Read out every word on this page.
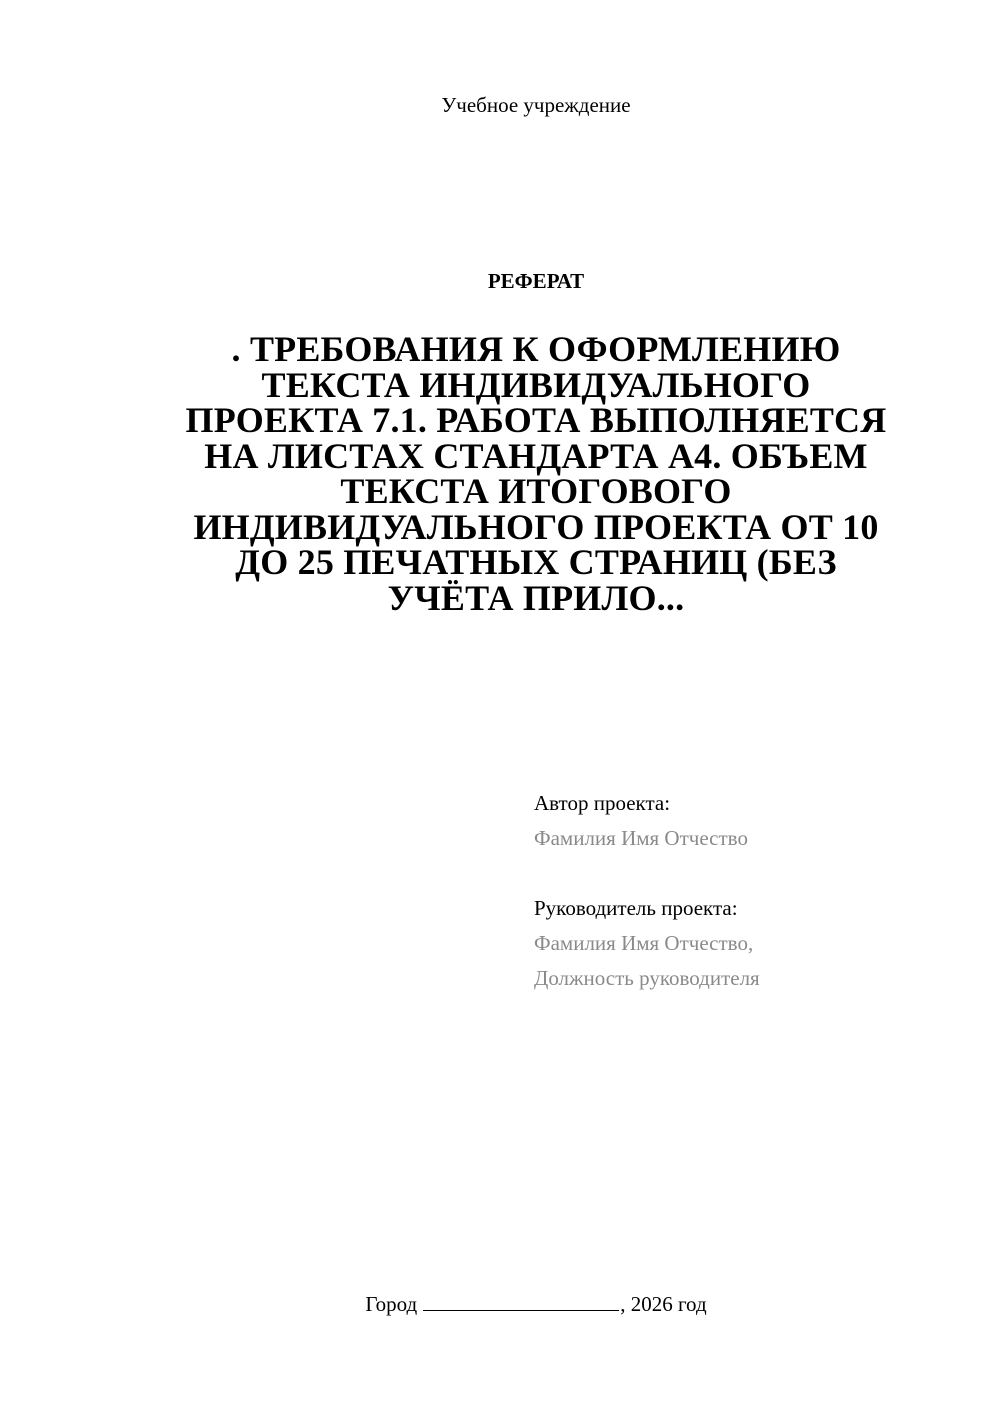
Учебное учреждение
РЕФЕРАТ
. ТРЕБОВАНИЯ К ОФОРМЛЕНИЮ
ТЕКСТА ИНДИВИДУАЛЬНОГО
ПРОЕКТА 7.1. РАБОТА ВЫПОЛНЯЕТСЯ
НА ЛИСТАХ СТАНДАРТА А4. ОБЪЕМ
ТЕКСТА ИТОГОВОГО
ИНДИВИДУАЛЬНОГО ПРОЕКТА ОТ 10
ДО 25 ПЕЧАТНЫХ СТРАНИЦ (БЕЗ
УЧЁТА ПРИЛО...
Автор проекта:
Фамилия Имя Отчество
Руководитель проекта:
Фамилия Имя Отчество,
Должность руководителя
Город	, 2026 год
